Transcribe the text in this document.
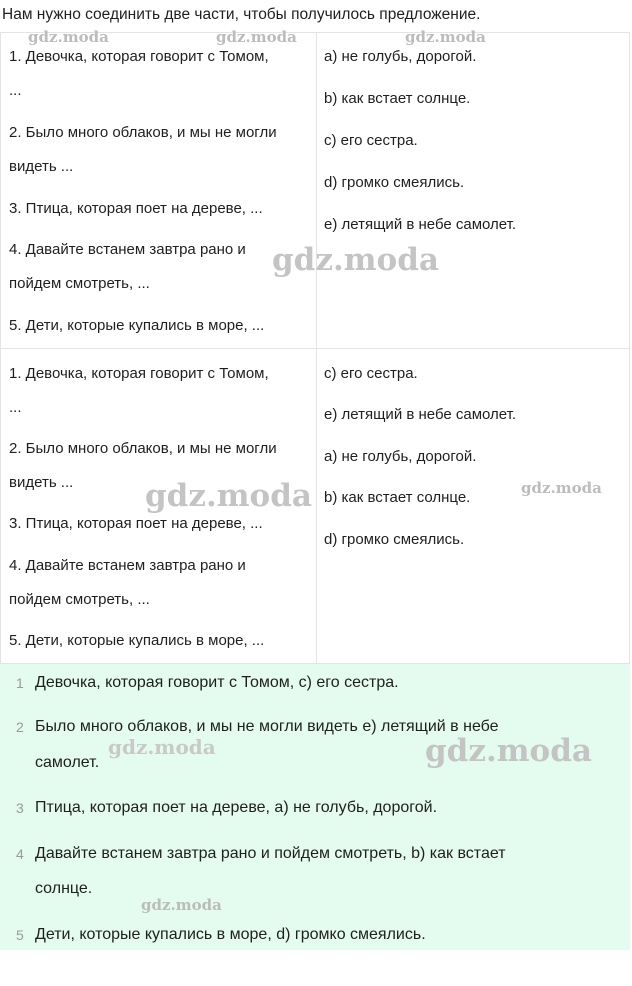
Нам нужно соединить две части, чтобы получилось предложение.
1. Девочка, которая говорит с Томом,
...
2. Было много облаков, и мы не могли
видеть ...
3. Птица, которая поет на дереве, ...
4. Давайте встанем завтра рано и
пойдем смотреть, ...
5. Дети, которые купались в море, ...
a) не голубь, дорогой.
b) как встает солнце.
c) его сестра.
d) громко смеялись.
e) летящий в небе самолет.
1. Девочка, которая говорит с Томом,
...
2. Было много облаков, и мы не могли
видеть ...
3. Птица, которая поет на дереве, ...
4. Давайте встанем завтра рано и
пойдем смотреть, ...
5. Дети, которые купались в море, ...
c) его сестра.
e) летящий в небе самолет.
a) не голубь, дорогой.
b) как встает солнце.
d) громко смеялись.
1 Девочка, которая говорит с Томом, c) его сестра.
2 Было много облаков, и мы не могли видеть e) летящий в небе
самолет.
3 Птица, которая поет на дереве, a) не голубь, дорогой.
4 Давайте встанем завтра рано и пойдем смотреть, b) как встает
солнце.
5 Дети, которые купались в море, d) громко смеялись.
gdz.moda	gdz.moda	gdz.moda
gdz.moda
gdz.moda	gdz.moda
gdz.moda	gdz.moda
gdz.moda
